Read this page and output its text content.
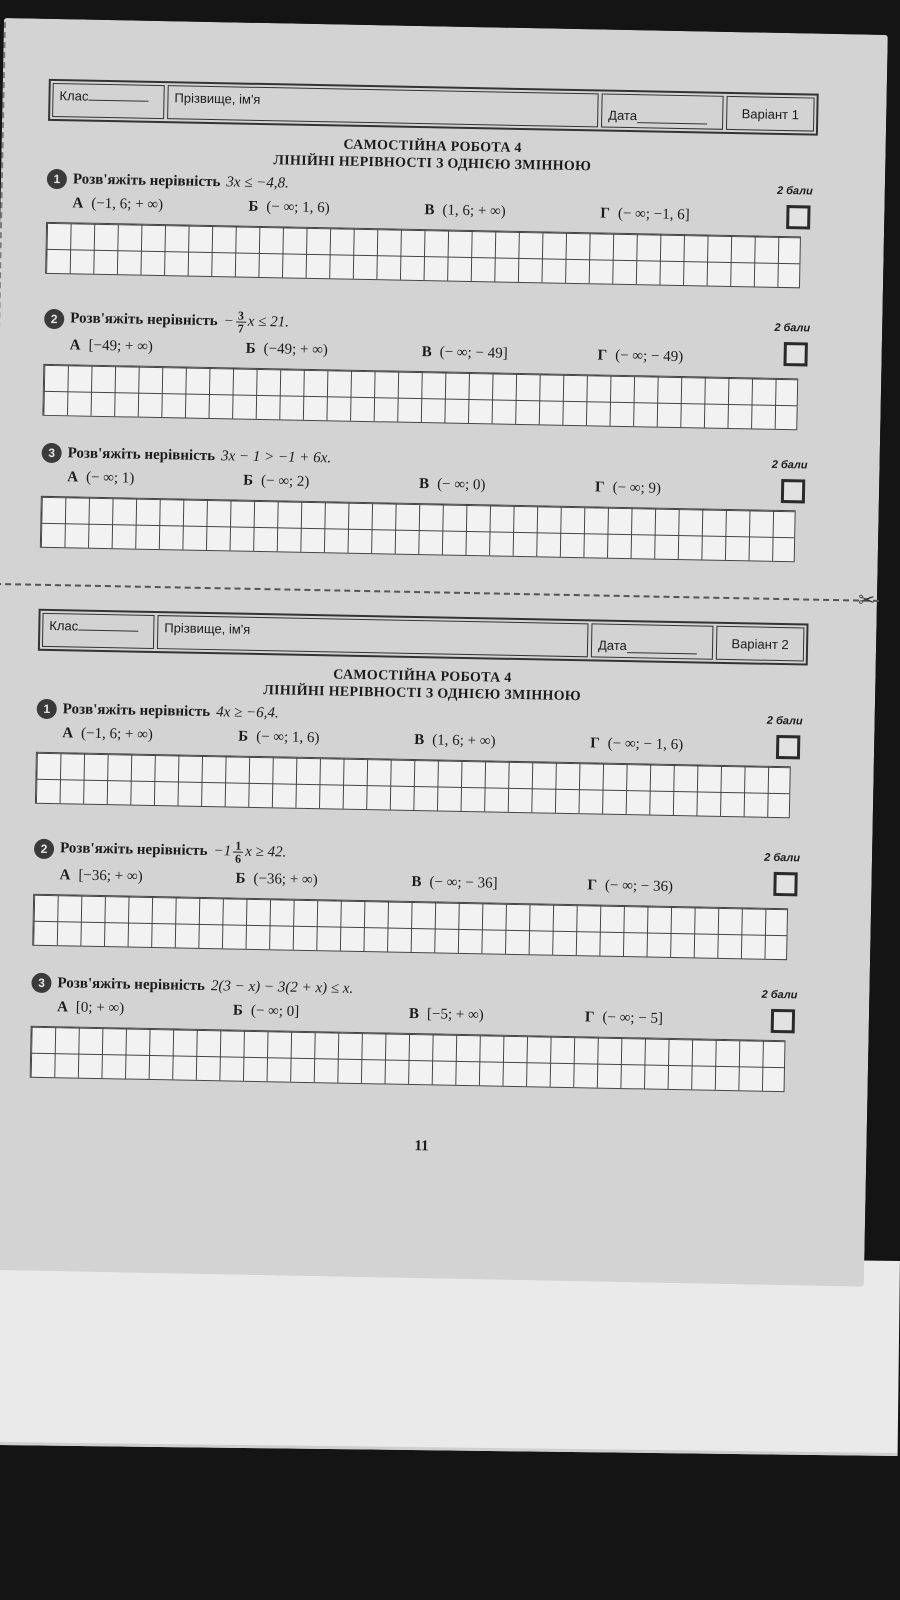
Клас	Прізвище, ім'я
Дата	Варіант 1
САМОСТІЙНА РОБОТА 4
ЛІНІЙНІ НЕРІВНОСТІ З ОДНІЄЮ ЗМІННОЮ
1 Розв'яжіть нерівність 3x ≤ −4,8.
2 бали
А (−1, 6; + ∞)	Б (− ∞; 1, 6)	В (1, 6; + ∞)	Г (− ∞; −1, 6]
2 Розв'яжіть нерівність − $\frac{3}{7}$ x ≤ 21.	2 бали
А [−49; + ∞)	Б (−49; + ∞)	В (− ∞; − 49]	Г (− ∞; − 49)
3 Розв'яжіть нерівність 3x − 1 > −1 + 6x.	2 бали
А (− ∞; 1)	Б (− ∞; 2)	В (− ∞; 0)	Г (− ∞; 9)
✂
Клас	Прізвище, ім'я
Дата	Варіант 2
САМОСТІЙНА РОБОТА 4
ЛІНІЙНІ НЕРІВНОСТІ З ОДНІЄЮ ЗМІННОЮ
1 Розв'яжіть нерівність 4x ≥ −6,4.
2 бали
А (−1, 6; + ∞)	Б (− ∞; 1, 6)	В (1, 6; + ∞)	Г (− ∞; − 1, 6)
2 Розв'яжіть нерівність $-1 \frac{1}{6}$ x ≥ 42.	2 бали
А [−36; + ∞)	Б (−36; + ∞)	В (− ∞; − 36]	Г (− ∞; − 36)
3 Розв'яжіть нерівність 2(3 − x) − 3(2 + x) ≤ x.	2 бали
А [0; + ∞)	Б (− ∞; 0]	В [−5; + ∞)	Г (− ∞; − 5]
11
